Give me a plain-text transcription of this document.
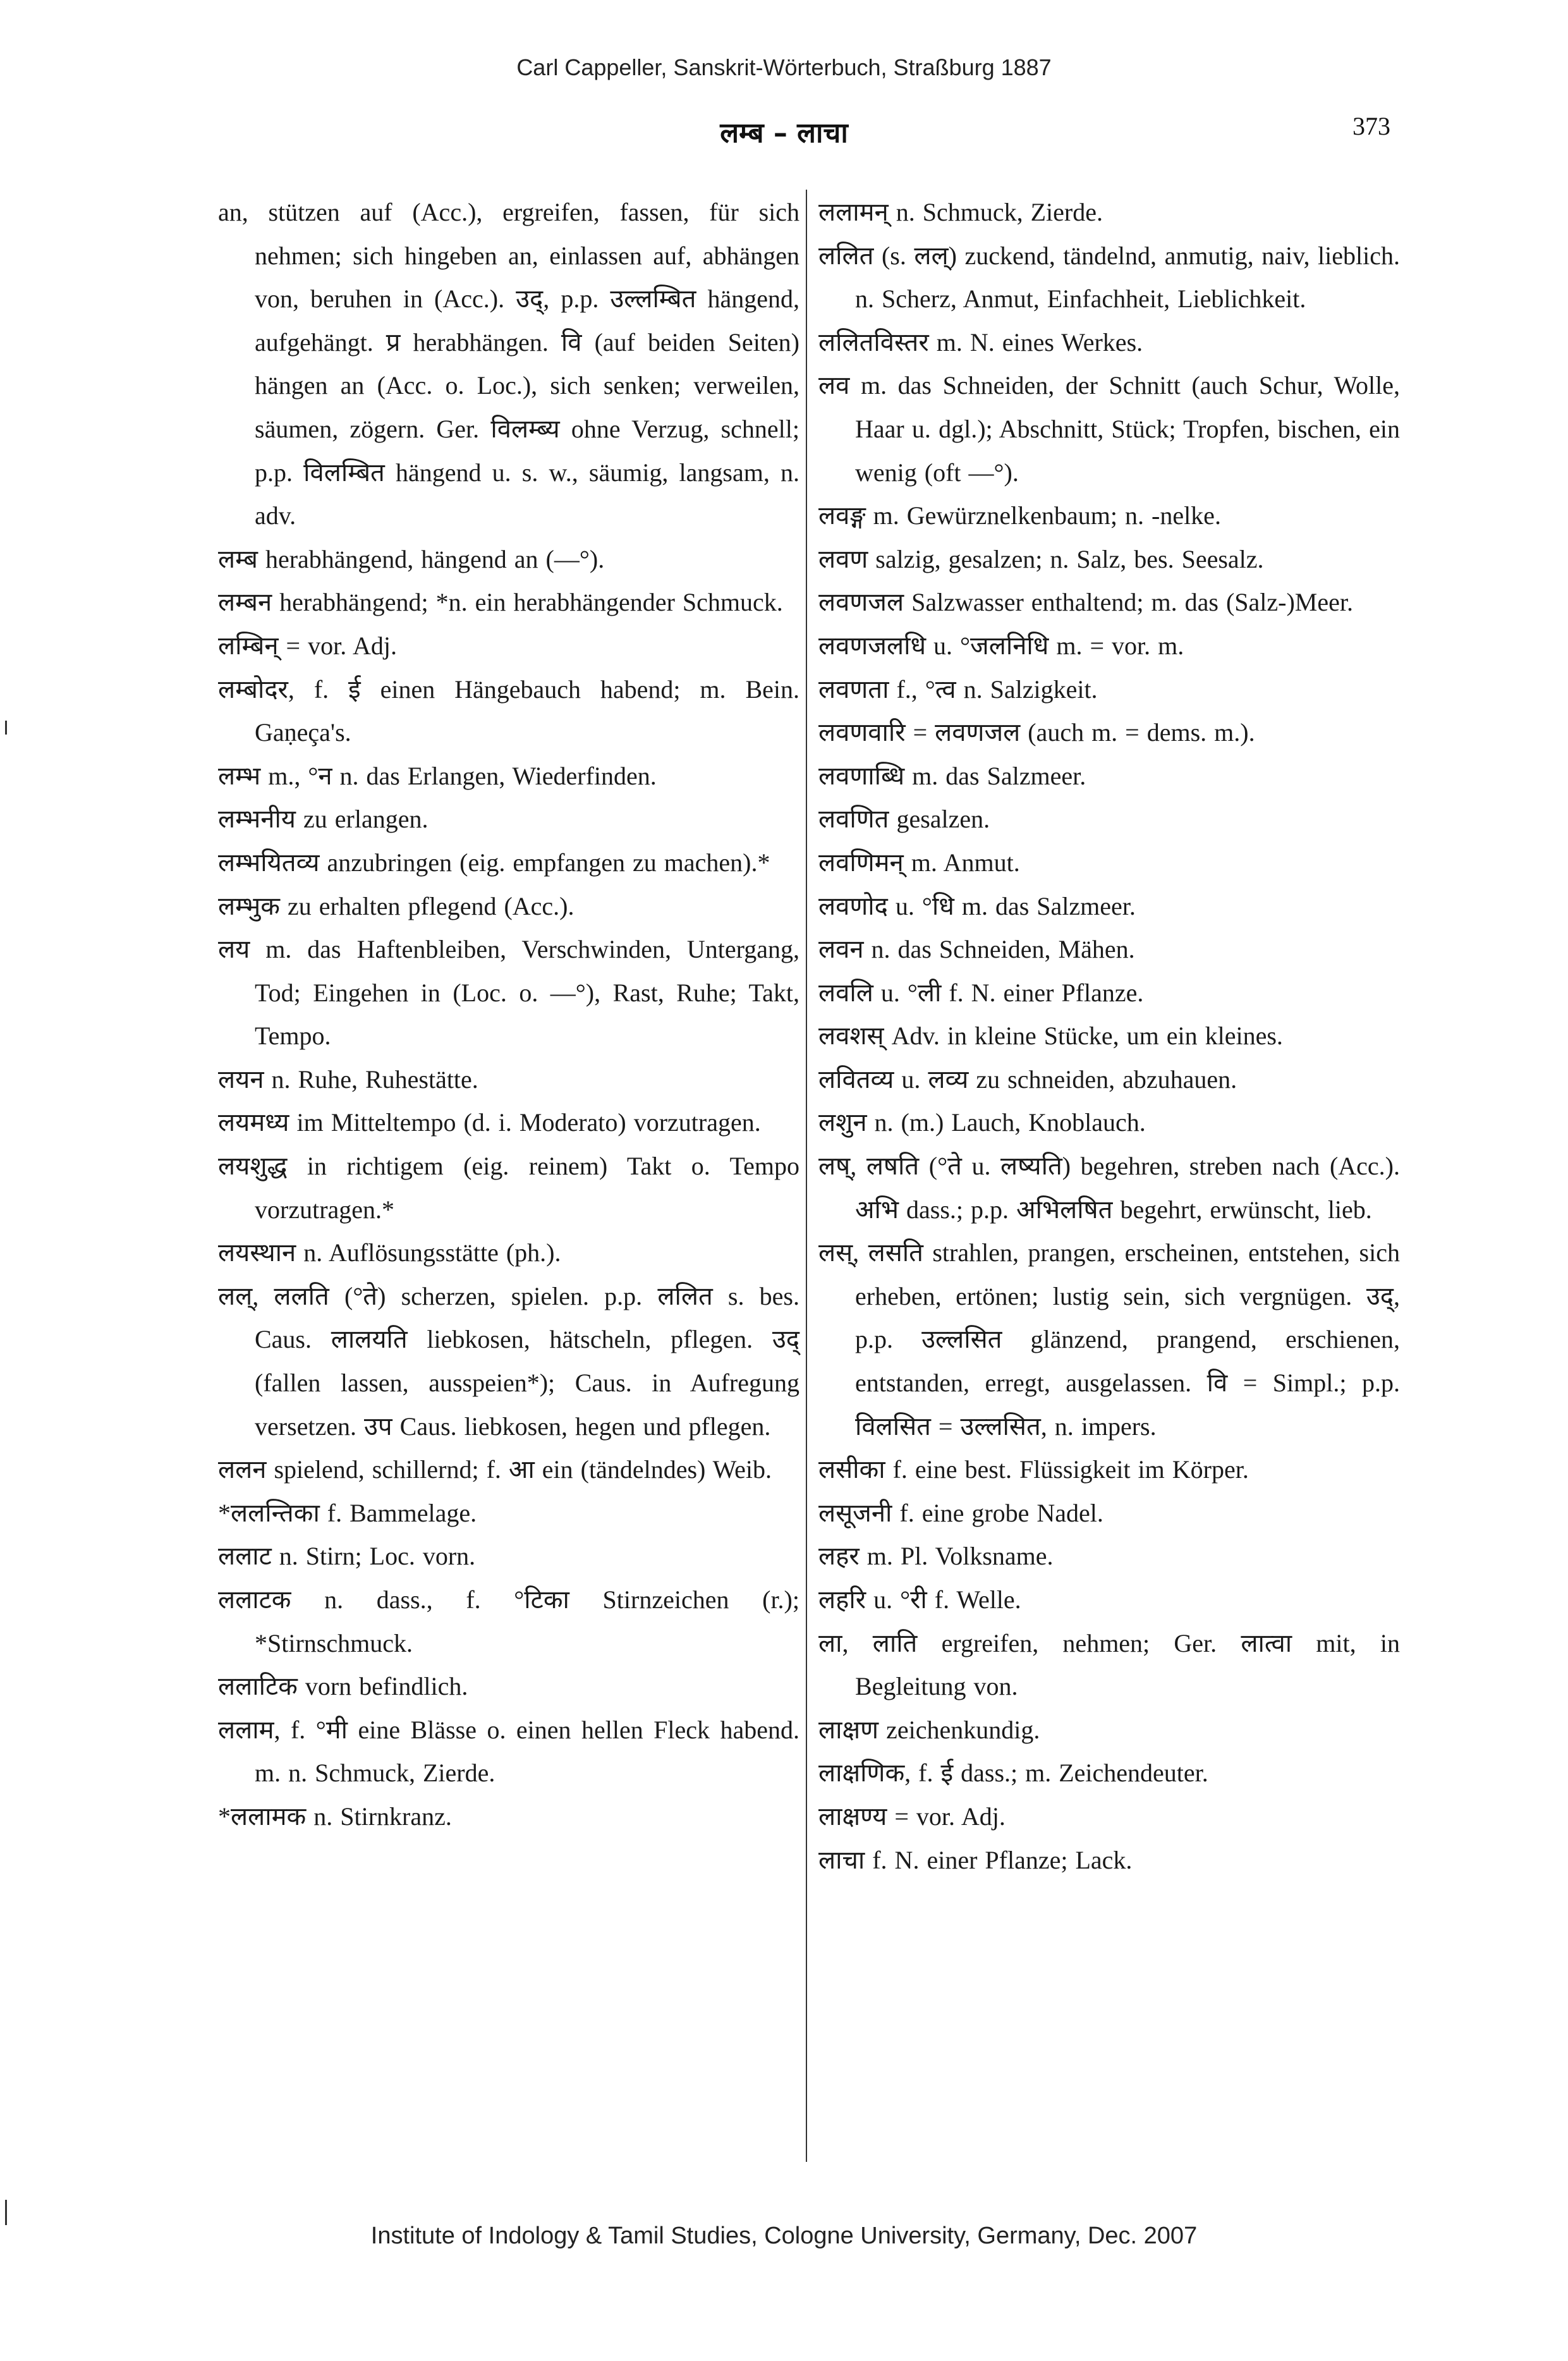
Carl Cappeller, Sanskrit-Wörterbuch, Straßburg 1887
लम्ब – लाचा	373

an, stützen auf (Acc.), ergreifen, fassen, für sich nehmen; sich hingeben an, einlassen auf, abhängen von, beruhen in (Acc.). उद्, p.p. उल्लम्बित hängend, aufgehängt. प्र herabhängen. वि (auf beiden Seiten) hängen an (Acc. o. Loc.), sich senken; verweilen, säumen, zögern. Ger. विलम्ब्य ohne Verzug, schnell; p.p. विलम्बित hängend u. s. w., säumig, langsam, n. adv.

लम्ब herabhängend, hängend an (—°).

लम्बन herabhängend; *n. ein herabhängender Schmuck.

लम्बिन् = vor. Adj.

लम्बोदर, f. ई einen Hängebauch habend; m. Bein. Gaṇeça's.

लम्भ m., °न n. das Erlangen, Wiederfinden.

लम्भनीय zu erlangen.

लम्भयितव्य anzubringen (eig. empfangen zu machen).*

लम्भुक zu erhalten pflegend (Acc.).

लय m. das Haftenbleiben, Verschwinden, Untergang, Tod; Eingehen in (Loc. o. —°), Rast, Ruhe; Takt, Tempo.

लयन n. Ruhe, Ruhestätte.

लयमध्य im Mitteltempo (d. i. Moderato) vorzutragen.

लयशुद्ध in richtigem (eig. reinem) Takt o. Tempo vorzutragen.*

लयस्थान n. Auflösungsstätte (ph.).

लल्, ललति (°ते) scherzen, spielen. p.p. ललित s. bes. Caus. लालयति liebkosen, hätscheln, pflegen. उद् (fallen lassen, ausspeien*); Caus. in Aufregung versetzen. उप Caus. liebkosen, hegen und pflegen.

ललन spielend, schillernd; f. आ ein (tändelndes) Weib.

*ललन्तिका f. Bammelage.

ललाट n. Stirn; Loc. vorn.

ललाटक n. dass., f. °टिका Stirnzeichen (r.); *Stirnschmuck.

ललाटिक vorn befindlich.

ललाम, f. °मी eine Blässe o. einen hellen Fleck habend. m. n. Schmuck, Zierde.

*ललामक n. Stirnkranz.

ललामन् n. Schmuck, Zierde.

ललित (s. लल्) zuckend, tändelnd, anmutig, naiv, lieblich. n. Scherz, Anmut, Einfachheit, Lieblichkeit.

ललितविस्तर m. N. eines Werkes.

लव m. das Schneiden, der Schnitt (auch Schur, Wolle, Haar u. dgl.); Abschnitt, Stück; Tropfen, bischen, ein wenig (oft —°).

लवङ्ग m. Gewürznelkenbaum; n. -nelke.

लवण salzig, gesalzen; n. Salz, bes. Seesalz.

लवणजल Salzwasser enthaltend; m. das (Salz-)Meer.

लवणजलधि u. °जलनिधि m. = vor. m.

लवणता f., °त्व n. Salzigkeit.

लवणवारि = लवणजल (auch m. = dems. m.).

लवणाब्धि m. das Salzmeer.

लवणित gesalzen.

लवणिमन् m. Anmut.

लवणोद u. °धि m. das Salzmeer.

लवन n. das Schneiden, Mähen.

लवलि u. °ली f. N. einer Pflanze.

लवशस् Adv. in kleine Stücke, um ein kleines.

लवितव्य u. लव्य zu schneiden, abzuhauen.

लशुन n. (m.) Lauch, Knoblauch.

लष्, लषति (°ते u. लष्यति) begehren, streben nach (Acc.). अभि dass.; p.p. अभिलषित begehrt, erwünscht, lieb.

लस्, लसति strahlen, prangen, erscheinen, entstehen, sich erheben, ertönen; lustig sein, sich vergnügen. उद्, p.p. उल्लसित glänzend, prangend, erschienen, entstanden, erregt, ausgelassen. वि = Simpl.; p.p. विलसित = उल्लसित, n. impers.

लसीका f. eine best. Flüssigkeit im Körper.

लसूजनी f. eine grobe Nadel.

लहर m. Pl. Volksname.

लहरि u. °री f. Welle.

ला, लाति ergreifen, nehmen; Ger. लात्वा mit, in Begleitung von.

लाक्षण zeichenkundig.

लाक्षणिक, f. ई dass.; m. Zeichendeuter.

लाक्षण्य = vor. Adj.

लाचा f. N. einer Pflanze; Lack.

Institute of Indology & Tamil Studies, Cologne University, Germany, Dec. 2007
